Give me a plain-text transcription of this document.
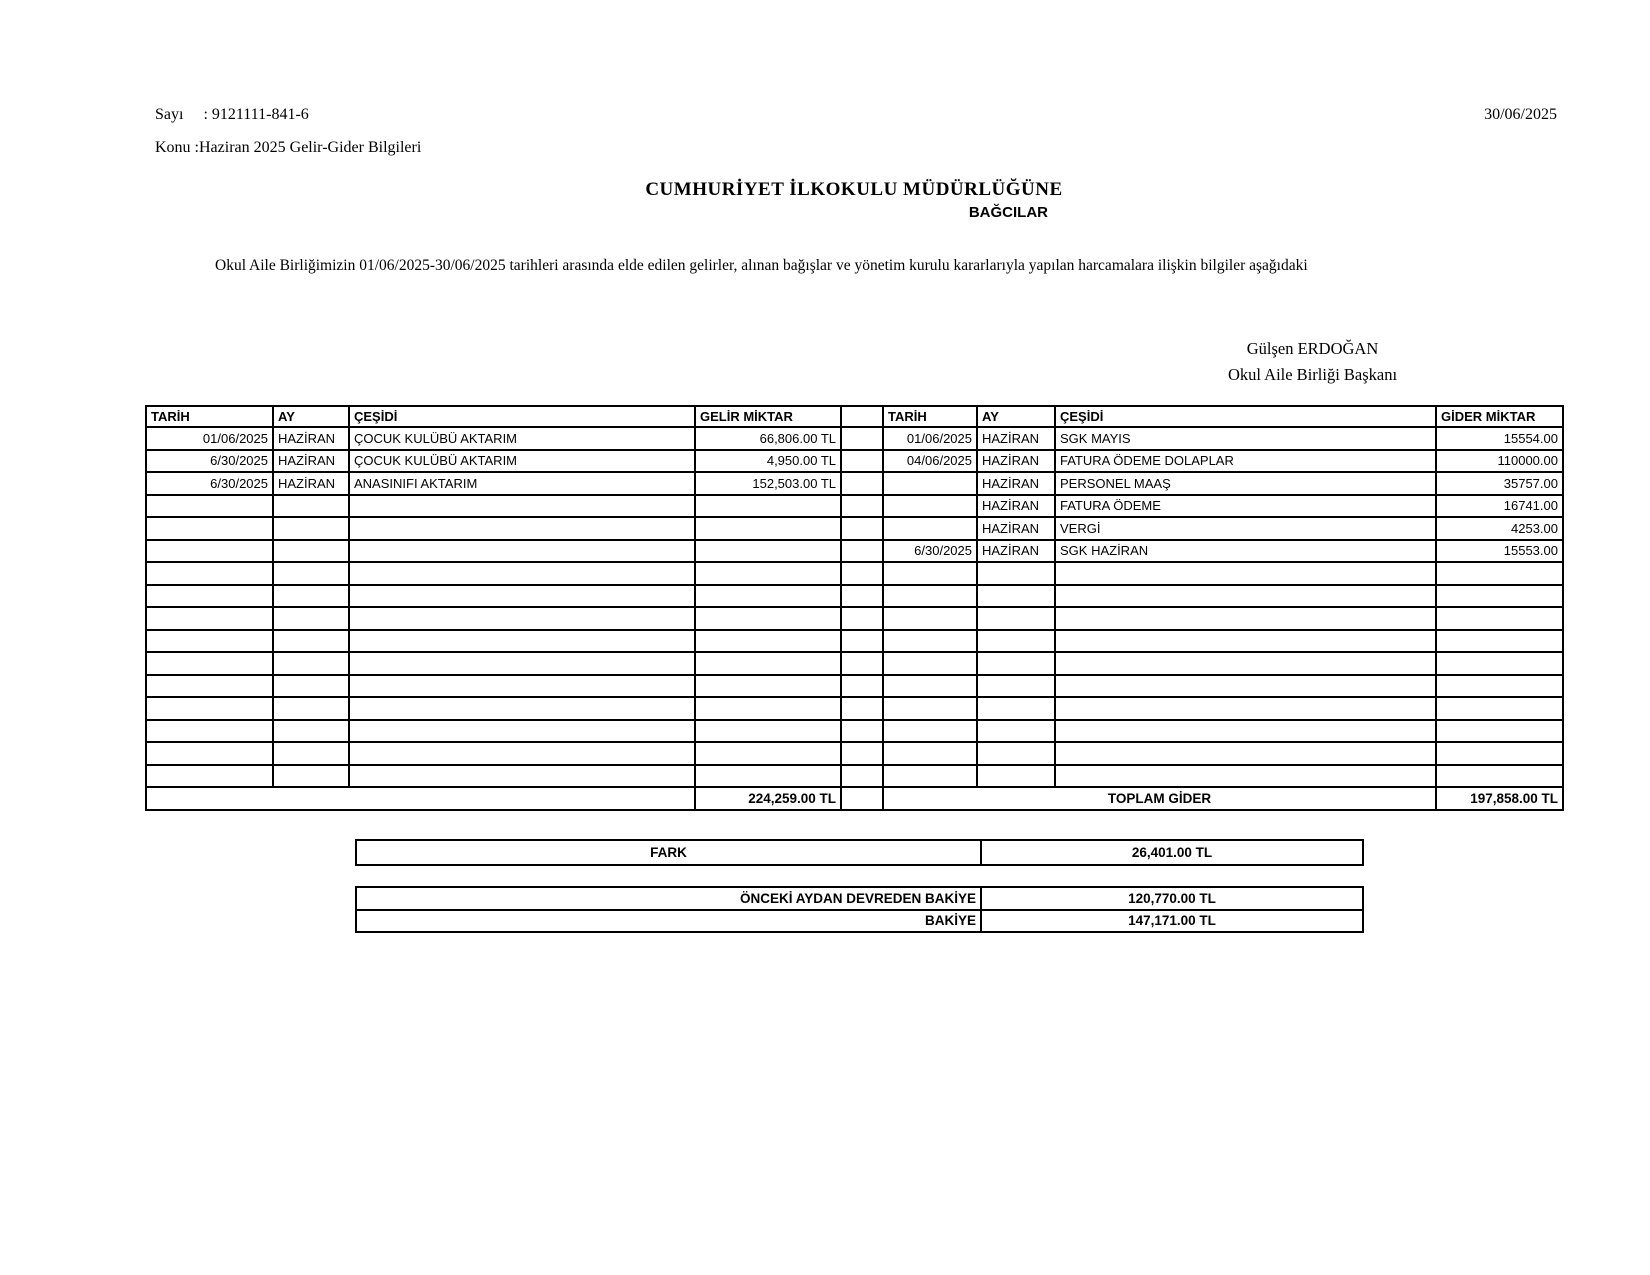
Sayı     : 9121111-841-6	30/06/2025
Konu :Haziran 2025 Gelir-Gider Bilgileri
CUMHURİYET İLKOKULU MÜDÜRLÜĞÜNE
BAĞCILAR
Okul Aile Birliğimizin 01/06/2025-30/06/2025 tarihleri arasında elde edilen gelirler, alınan bağışlar ve yönetim kurulu kararlarıyla yapılan harcamalara ilişkin bilgiler aşağıdaki
Gülşen ERDOĞAN
Okul Aile Birliği Başkanı
TARİH	AY	ÇEŞİDİ	GELİR MİKTAR		TARİH	AY	ÇEŞİDİ	GİDER MİKTAR
01/06/2025	HAZİRAN	ÇOCUK KULÜBÜ AKTARIM	66,806.00 TL		01/06/2025	HAZİRAN	SGK MAYIS	15554.00
6/30/2025	HAZİRAN	ÇOCUK KULÜBÜ AKTARIM	4,950.00 TL		04/06/2025	HAZİRAN	FATURA ÖDEME DOLAPLAR	110000.00
6/30/2025	HAZİRAN	ANASINIFI AKTARIM	152,503.00 TL			HAZİRAN	PERSONEL MAAŞ	35757.00
						HAZİRAN	FATURA ÖDEME	16741.00
						HAZİRAN	VERGİ	4253.00
					6/30/2025	HAZİRAN	SGK HAZİRAN	15553.00

			224,259.00 TL		TOPLAM GİDER			197,858.00 TL
FARK	26,401.00 TL
ÖNCEKİ AYDAN DEVREDEN BAKİYE	120,770.00 TL
BAKİYE	147,171.00 TL
